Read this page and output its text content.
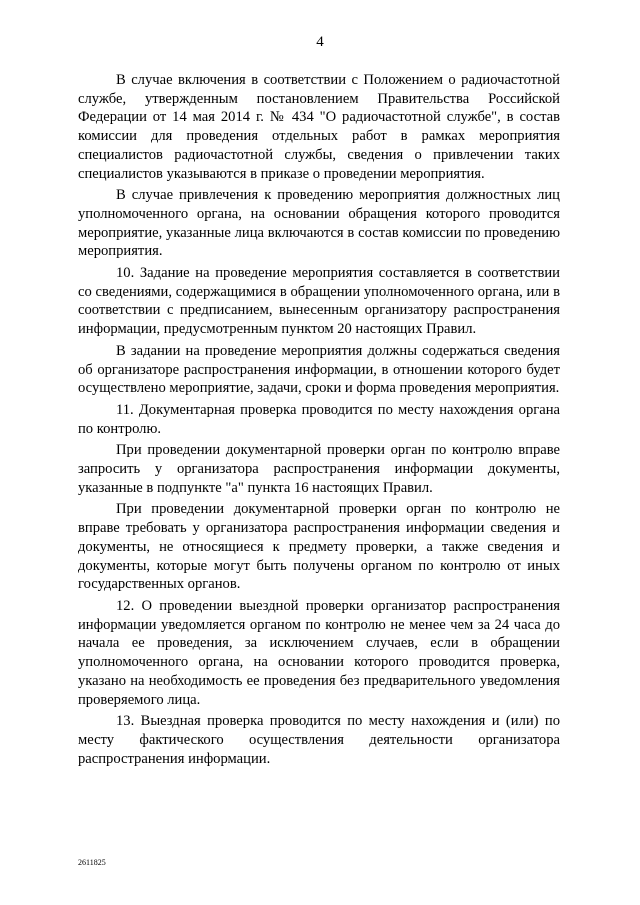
4

В случае включения в соответствии с Положением о радиочастотной службе, утвержденным постановлением Правительства Российской Федерации от 14 мая 2014 г. № 434 "О радиочастотной службе", в состав комиссии для проведения отдельных работ в рамках мероприятия специалистов радиочастотной службы, сведения о привлечении таких специалистов указываются в приказе о проведении мероприятия.

В случае привлечения к проведению мероприятия должностных лиц уполномоченного органа, на основании обращения которого проводится мероприятие, указанные лица включаются в состав комиссии по проведению мероприятия.

10. Задание на проведение мероприятия составляется в соответствии со сведениями, содержащимися в обращении уполномоченного органа, или в соответствии с предписанием, вынесенным организатору распространения информации, предусмотренным пунктом 20 настоящих Правил.

В задании на проведение мероприятия должны содержаться сведения об организаторе распространения информации, в отношении которого будет осуществлено мероприятие, задачи, сроки и форма проведения мероприятия.

11. Документарная проверка проводится по месту нахождения органа по контролю.

При проведении документарной проверки орган по контролю вправе запросить у организатора распространения информации документы, указанные в подпункте "а" пункта 16 настоящих Правил.

При проведении документарной проверки орган по контролю не вправе требовать у организатора распространения информации сведения и документы, не относящиеся к предмету проверки, а также сведения и документы, которые могут быть получены органом по контролю от иных государственных органов.

12. О проведении выездной проверки организатор распространения информации уведомляется органом по контролю не менее чем за 24 часа до начала ее проведения, за исключением случаев, если в обращении уполномоченного органа, на основании которого проводится проверка, указано на необходимость ее проведения без предварительного уведомления проверяемого лица.

13. Выездная проверка проводится по месту нахождения и (или) по месту фактического осуществления деятельности организатора распространения информации.

2611825
